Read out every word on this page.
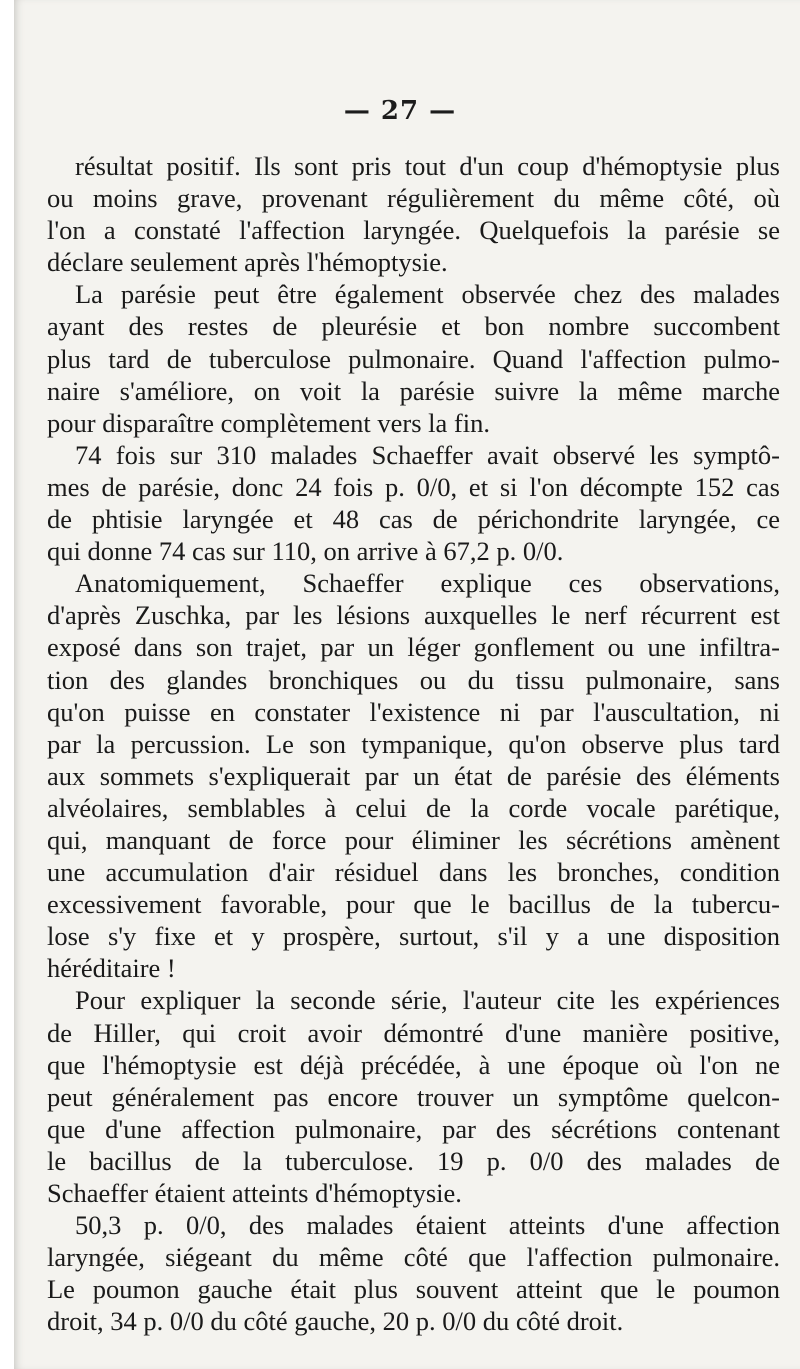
— 27 —
résultat positif. Ils sont pris tout d'un coup d'hémoptysie plus
ou moins grave, provenant régulièrement du même côté, où
l'on a constaté l'affection laryngée. Quelquefois la parésie se
déclare seulement après l'hémoptysie.
La parésie peut être également observée chez des malades
ayant des restes de pleurésie et bon nombre succombent
plus tard de tuberculose pulmonaire. Quand l'affection pulmo-
naire s'améliore, on voit la parésie suivre la même marche
pour disparaître complètement vers la fin.
74 fois sur 310 malades Schaeffer avait observé les symptô-
mes de parésie, donc 24 fois p. 0/0, et si l'on décompte 152 cas
de phtisie laryngée et 48 cas de périchondrite laryngée, ce
qui donne 74 cas sur 110, on arrive à 67,2 p. 0/0.
Anatomiquement, Schaeffer explique ces observations,
d'après Zuschka, par les lésions auxquelles le nerf récurrent est
exposé dans son trajet, par un léger gonflement ou une infiltra-
tion des glandes bronchiques ou du tissu pulmonaire, sans
qu'on puisse en constater l'existence ni par l'auscultation, ni
par la percussion. Le son tympanique, qu'on observe plus tard
aux sommets s'expliquerait par un état de parésie des éléments
alvéolaires, semblables à celui de la corde vocale parétique,
qui, manquant de force pour éliminer les sécrétions amènent
une accumulation d'air résiduel dans les bronches, condition
excessivement favorable, pour que le bacillus de la tubercu-
lose s'y fixe et y prospère, surtout, s'il y a une disposition
héréditaire !
Pour expliquer la seconde série, l'auteur cite les expériences
de Hiller, qui croit avoir démontré d'une manière positive,
que l'hémoptysie est déjà précédée, à une époque où l'on ne
peut généralement pas encore trouver un symptôme quelcon-
que d'une affection pulmonaire, par des sécrétions contenant
le bacillus de la tuberculose. 19 p. 0/0 des malades de
Schaeffer étaient atteints d'hémoptysie.
50,3 p. 0/0, des malades étaient atteints d'une affection
laryngée, siégeant du même côté que l'affection pulmonaire.
Le poumon gauche était plus souvent atteint que le poumon
droit, 34 p. 0/0 du côté gauche, 20 p. 0/0 du côté droit.
